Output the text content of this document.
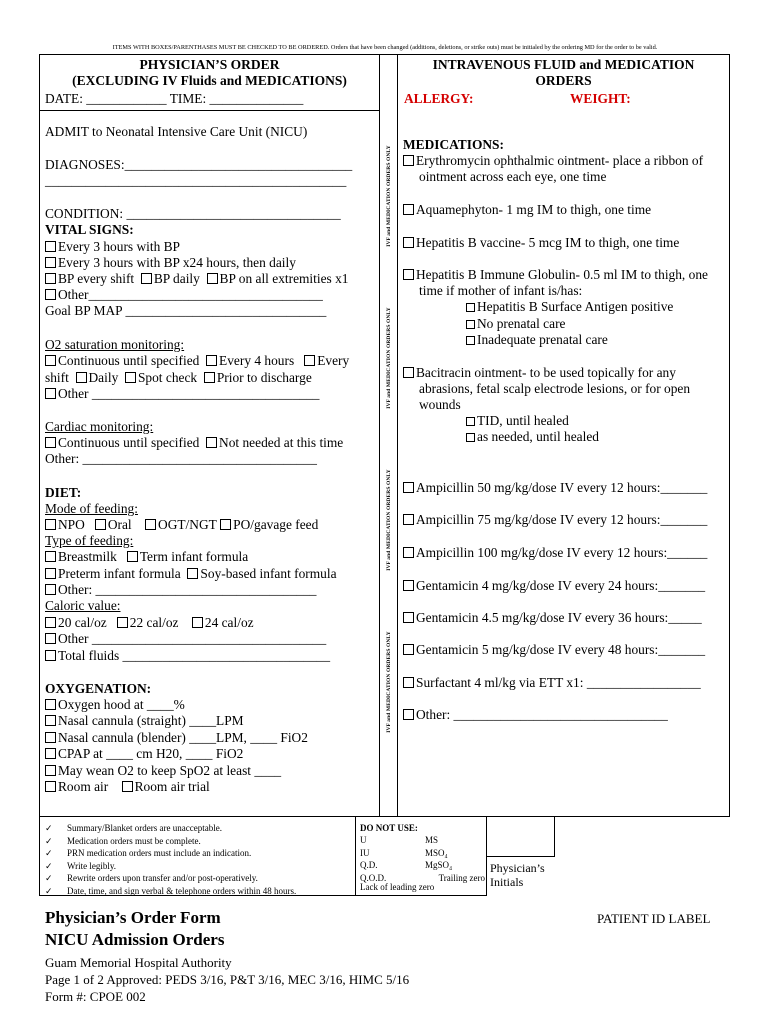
ITEMS WITH BOXES/PARENTHASES MUST BE CHECKED TO BE ORDERED. Orders that have been changed (additions, deletions, or strike outs) must be initialed by the ordering MD for the order to be valid.
IVF and MEDICATION ORDERS ONLY
IVF and MEDICATION ORDERS ONLY
IVF and MEDICATION ORDERS ONLY
IVF and MEDICATION ORDERS ONLY
PHYSICIAN’S ORDER
(EXCLUDING IV Fluids and MEDICATIONS)
DATE: ____________ TIME: ______________
INTRAVENOUS FLUID and MEDICATION
ORDERS
ALLERGY:	WEIGHT:
ADMIT to Neonatal Intensive Care Unit (NICU)
DIAGNOSES:__________________________________
_____________________________________________
CONDITION: ________________________________
VITAL SIGNS:
Every 3 hours with BP
Every 3 hours with BP x24 hours, then daily
BP every shift BP daily BP on all extremities x1
Other___________________________________
Goal BP MAP ______________________________
O2 saturation monitoring:
Continuous until specified Every 4 hours Every
shift Daily Spot check Prior to discharge
Other __________________________________
Cardiac monitoring:
Continuous until specified Not needed at this time
Other: ___________________________________
DIET:
Mode of feeding:
NPO Oral OGT/NGT PO/gavage feed
Type of feeding:
Breastmilk Term infant formula
Preterm infant formula Soy-based infant formula
Other: _________________________________
Caloric value:
20 cal/oz 22 cal/oz 24 cal/oz
Other ___________________________________
Total fluids _______________________________
OXYGENATION:
Oxygen hood at ____%
Nasal cannula (straight) ____LPM
Nasal cannula (blender) ____LPM, ____ FiO2
CPAP at ____ cm H20, ____ FiO2
May wean O2 to keep SpO2 at least ____
Room air Room air trial
MEDICATIONS:
Erythromycin ophthalmic ointment- place a ribbon of
ointment across each eye, one time
Aquamephyton- 1 mg IM to thigh, one time
Hepatitis B vaccine- 5 mcg IM to thigh, one time
Hepatitis B Immune Globulin- 0.5 ml IM to thigh, one
time if mother of infant is/has:
Hepatitis B Surface Antigen positive
No prenatal care
Inadequate prenatal care
Bacitracin ointment- to be used topically for any
abrasions, fetal scalp electrode lesions, or for open
wounds
TID, until healed
as needed, until healed
Ampicillin 50 mg/kg/dose IV every 12 hours:_______
Ampicillin 75 mg/kg/dose IV every 12 hours:_______
Ampicillin 100 mg/kg/dose IV every 12 hours:______
Gentamicin 4 mg/kg/dose IV every 24 hours:_______
Gentamicin 4.5 mg/kg/dose IV every 36 hours:_____
Gentamicin 5 mg/kg/dose IV every 48 hours:_______
Surfactant 4 ml/kg via ETT x1: _________________
Other: ________________________________
✓ Summary/Blanket orders are unacceptable.
✓ Medication orders must be complete.
✓ PRN medication orders must include an indication.
✓ Write legibly.
✓ Rewrite orders upon transfer and/or post-operatively.
✓ Date, time, and sign verbal & telephone orders within 48 hours.
DO NOT USE:
U	MS
IU	MSO₄
Q.D.	MgSO₄
Q.O.D.	Trailing zero
Lack of leading zero
Physician’s
Initials
Physician’s Order Form
NICU Admission Orders
PATIENT ID LABEL
Guam Memorial Hospital Authority
Page 1 of 2 Approved: PEDS 3/16, P&T 3/16, MEC 3/16, HIMC 5/16
Form #: CPOE 002
